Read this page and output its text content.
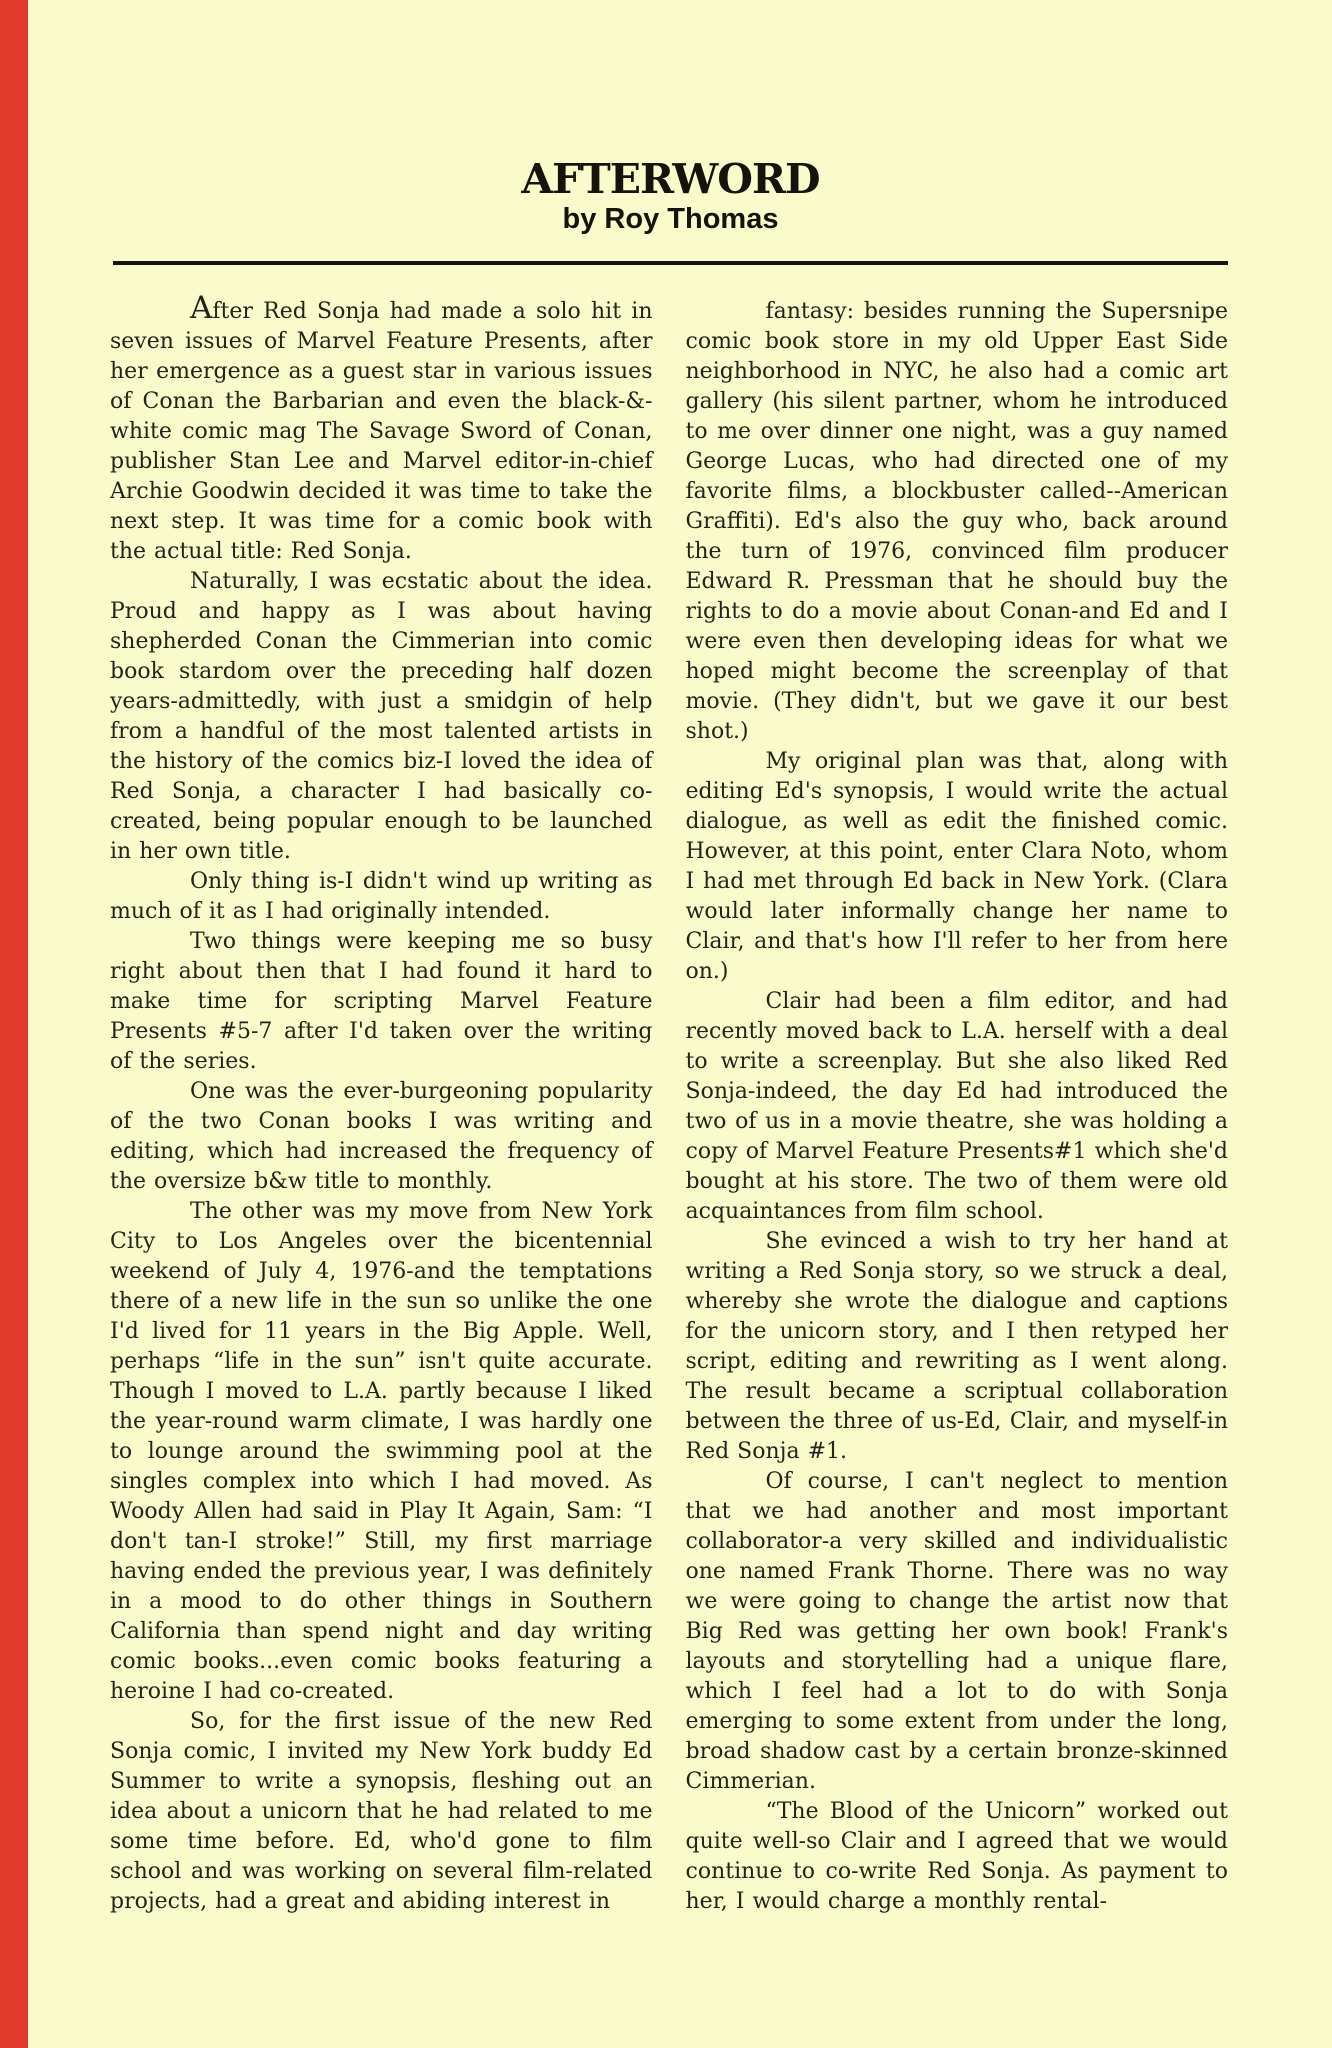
AFTERWORD
by Roy Thomas

After Red Sonja had made a solo hit in seven issues of Marvel Feature Presents, after her emergence as a guest star in various issues of Conan the Barbarian and even the black-&-white comic mag The Savage Sword of Conan, publisher Stan Lee and Marvel editor-in-chief Archie Goodwin decided it was time to take the next step. It was time for a comic book with the actual title: Red Sonja.

Naturally, I was ecstatic about the idea. Proud and happy as I was about having shepherded Conan the Cimmerian into comic book stardom over the preceding half dozen years-admittedly, with just a smidgin of help from a handful of the most talented artists in the history of the comics biz-I loved the idea of Red Sonja, a character I had basically co-created, being popular enough to be launched in her own title.

Only thing is-I didn't wind up writing as much of it as I had originally intended.

Two things were keeping me so busy right about then that I had found it hard to make time for scripting Marvel Feature Presents #5-7 after I'd taken over the writing of the series.

One was the ever-burgeoning popularity of the two Conan books I was writing and editing, which had increased the frequency of the oversize b&w title to monthly.

The other was my move from New York City to Los Angeles over the bicentennial weekend of July 4, 1976-and the temptations there of a new life in the sun so unlike the one I'd lived for 11 years in the Big Apple. Well, perhaps “life in the sun” isn't quite accurate. Though I moved to L.A. partly because I liked the year-round warm climate, I was hardly one to lounge around the swimming pool at the singles complex into which I had moved. As Woody Allen had said in Play It Again, Sam: “I don't tan-I stroke!” Still, my first marriage having ended the previous year, I was definitely in a mood to do other things in Southern California than spend night and day writing comic books...even comic books featuring a heroine I had co-created.

So, for the first issue of the new Red Sonja comic, I invited my New York buddy Ed Summer to write a synopsis, fleshing out an idea about a unicorn that he had related to me some time before. Ed, who'd gone to film school and was working on several film-related projects, had a great and abiding interest in

fantasy: besides running the Supersnipe comic book store in my old Upper East Side neighborhood in NYC, he also had a comic art gallery (his silent partner, whom he introduced to me over dinner one night, was a guy named George Lucas, who had directed one of my favorite films, a blockbuster called--American Graffiti). Ed's also the guy who, back around the turn of 1976, convinced film producer Edward R. Pressman that he should buy the rights to do a movie about Conan-and Ed and I were even then developing ideas for what we hoped might become the screenplay of that movie. (They didn't, but we gave it our best shot.)

My original plan was that, along with editing Ed's synopsis, I would write the actual dialogue, as well as edit the finished comic. However, at this point, enter Clara Noto, whom I had met through Ed back in New York. (Clara would later informally change her name to Clair, and that's how I'll refer to her from here on.)

Clair had been a film editor, and had recently moved back to L.A. herself with a deal to write a screenplay. But she also liked Red Sonja-indeed, the day Ed had introduced the two of us in a movie theatre, she was holding a copy of Marvel Feature Presents#1 which she'd bought at his store. The two of them were old acquaintances from film school.

She evinced a wish to try her hand at writing a Red Sonja story, so we struck a deal, whereby she wrote the dialogue and captions for the unicorn story, and I then retyped her script, editing and rewriting as I went along. The result became a scriptual collaboration between the three of us-Ed, Clair, and myself-in Red Sonja #1.

Of course, I can't neglect to mention that we had another and most important collaborator-a very skilled and individualistic one named Frank Thorne. There was no way we were going to change the artist now that Big Red was getting her own book! Frank's layouts and storytelling had a unique flare, which I feel had a lot to do with Sonja emerging to some extent from under the long, broad shadow cast by a certain bronze-skinned Cimmerian.

“The Blood of the Unicorn” worked out quite well-so Clair and I agreed that we would continue to co-write Red Sonja. As payment to her, I would charge a monthly rental-
